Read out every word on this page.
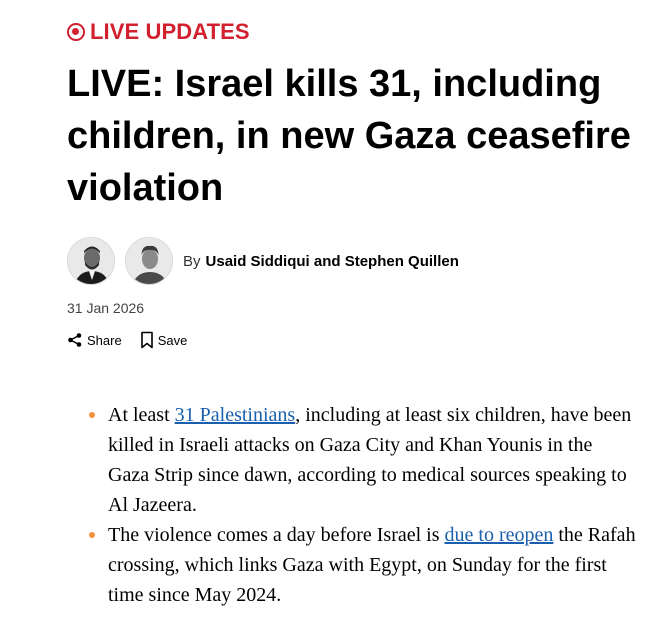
LIVE UPDATES
LIVE: Israel kills 31, including children, in new Gaza ceasefire violation
By Usaid Siddiqui and Stephen Quillen
31 Jan 2026
Share	Save
At least 31 Palestinians, including at least six children, have been killed in Israeli attacks on Gaza City and Khan Younis in the Gaza Strip since dawn, according to medical sources speaking to Al Jazeera.
The violence comes a day before Israel is due to reopen the Rafah crossing, which links Gaza with Egypt, on Sunday for the first time since May 2024.
